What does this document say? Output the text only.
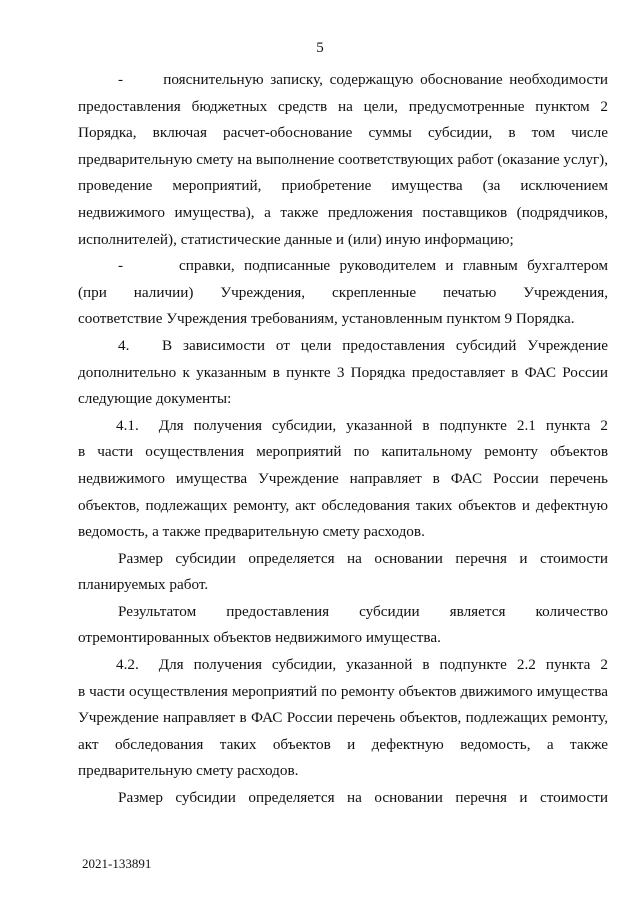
5
-      пояснительную записку, содержащую обоснование необходимости
предоставления бюджетных средств на цели, предусмотренные пунктом 2
Порядка, включая расчет-обоснование суммы субсидии, в том числе
предварительную смету на выполнение соответствующих работ (оказание услуг),
проведение мероприятий, приобретение имущества (за исключением
недвижимого имущества), а также предложения поставщиков (подрядчиков,
исполнителей), статистические данные и (или) иную информацию;
-      справки, подписанные руководителем и главным бухгалтером
(при наличии) Учреждения, скрепленные печатью Учреждения,
соответствие Учреждения требованиям, установленным пунктом 9 Порядка.
4.   В зависимости от цели предоставления субсидий Учреждение
дополнительно к указанным в пункте 3 Порядка предоставляет в ФАС России
следующие документы:
4.1.  Для получения субсидии, указанной в подпункте 2.1 пункта 2
в части осуществления мероприятий по капитальному ремонту объектов
недвижимого имущества Учреждение направляет в ФАС России перечень
объектов, подлежащих ремонту, акт обследования таких объектов и дефектную
ведомость, а также предварительную смету расходов.
Размер субсидии определяется на основании перечня и стоимости
планируемых работ.
Результатом предоставления субсидии является количество
отремонтированных объектов недвижимого имущества.
4.2.  Для получения субсидии, указанной в подпункте 2.2 пункта 2
в части осуществления мероприятий по ремонту объектов движимого имущества
Учреждение направляет в ФАС России перечень объектов, подлежащих ремонту,
акт обследования таких объектов и дефектную ведомость, а также
предварительную смету расходов.
Размер субсидии определяется на основании перечня и стоимости
2021-133891
